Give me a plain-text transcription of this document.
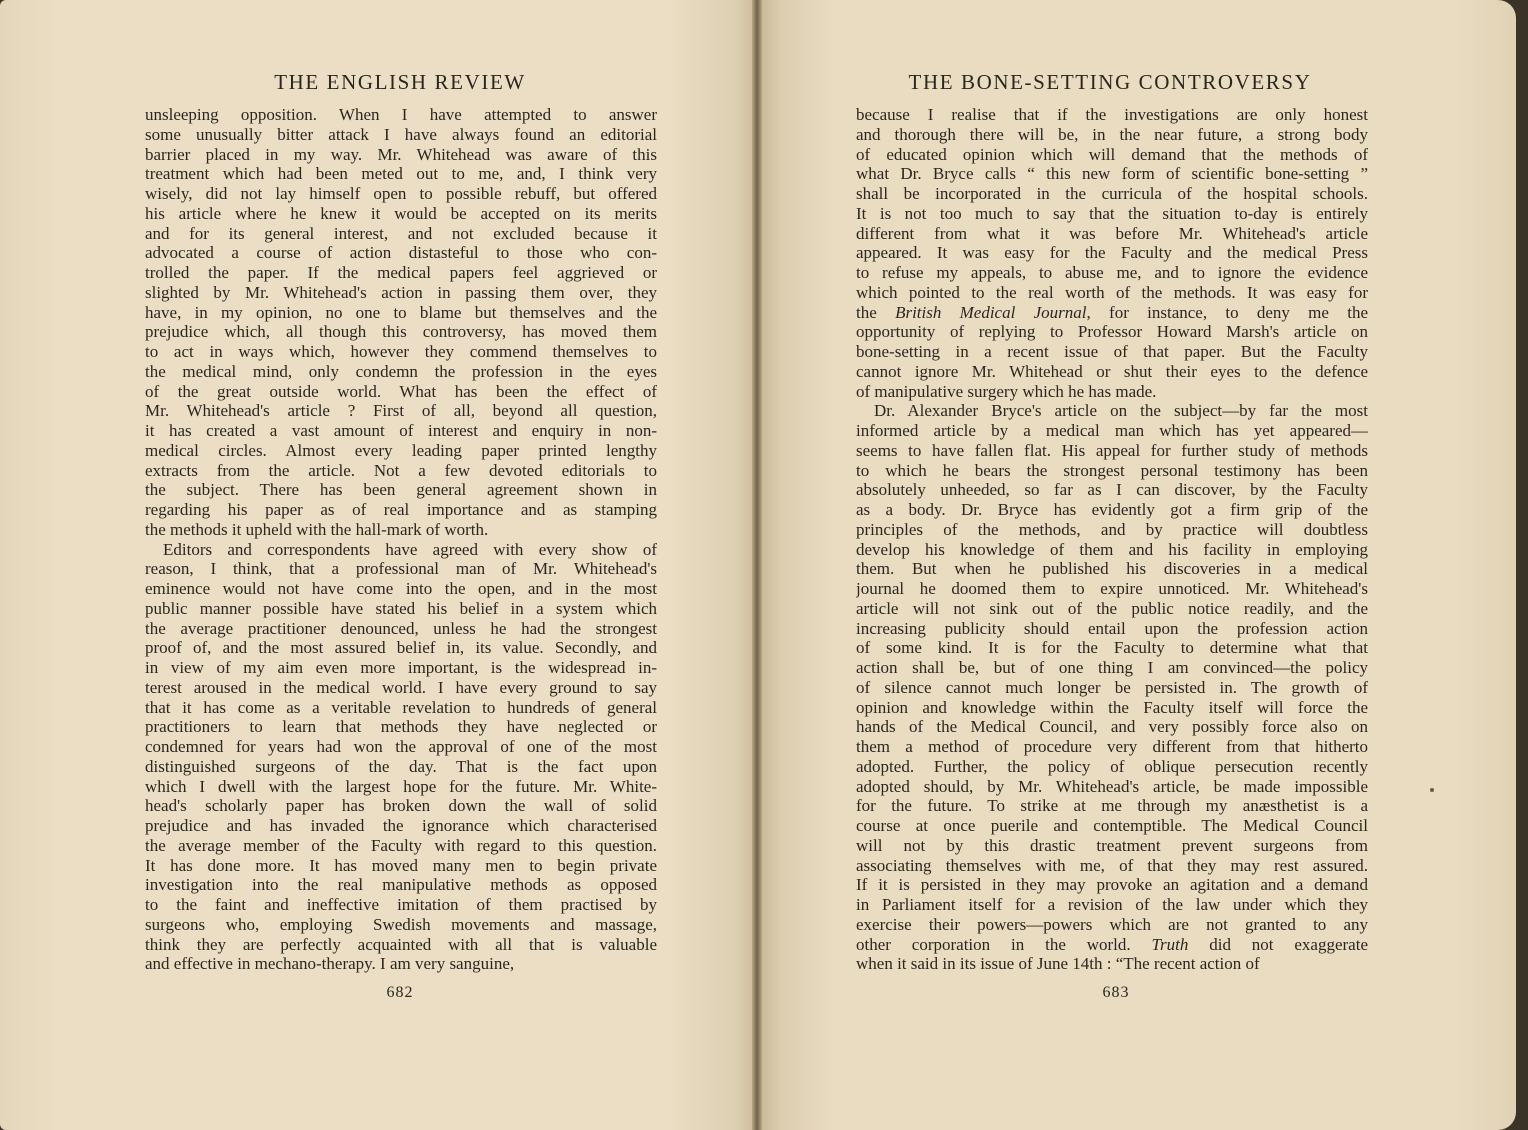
THE ENGLISH REVIEW	THE BONE-SETTING CONTROVERSY
unsleeping opposition. When I have attempted to answer
some unusually bitter attack I have always found an editorial
barrier placed in my way. Mr. Whitehead was aware of this
treatment which had been meted out to me, and, I think very
wisely, did not lay himself open to possible rebuff, but offered
his article where he knew it would be accepted on its merits
and for its general interest, and not excluded because it
advocated a course of action distasteful to those who con-
trolled the paper. If the medical papers feel aggrieved or
slighted by Mr. Whitehead's action in passing them over, they
have, in my opinion, no one to blame but themselves and the
prejudice which, all though this controversy, has moved them
to act in ways which, however they commend themselves to
the medical mind, only condemn the profession in the eyes
of the great outside world. What has been the effect of
Mr. Whitehead's article ? First of all, beyond all question,
it has created a vast amount of interest and enquiry in non-
medical circles. Almost every leading paper printed lengthy
extracts from the article. Not a few devoted editorials to
the subject. There has been general agreement shown in
regarding his paper as of real importance and as stamping
the methods it upheld with the hall-mark of worth.
Editors and correspondents have agreed with every show of
reason, I think, that a professional man of Mr. Whitehead's
eminence would not have come into the open, and in the most
public manner possible have stated his belief in a system which
the average practitioner denounced, unless he had the strongest
proof of, and the most assured belief in, its value. Secondly, and
in view of my aim even more important, is the widespread in-
terest aroused in the medical world. I have every ground to say
that it has come as a veritable revelation to hundreds of general
practitioners to learn that methods they have neglected or
condemned for years had won the approval of one of the most
distinguished surgeons of the day. That is the fact upon
which I dwell with the largest hope for the future. Mr. White-
head's scholarly paper has broken down the wall of solid
prejudice and has invaded the ignorance which characterised
the average member of the Faculty with regard to this question.
It has done more. It has moved many men to begin private
investigation into the real manipulative methods as opposed
to the faint and ineffective imitation of them practised by
surgeons who, employing Swedish movements and massage,
think they are perfectly acquainted with all that is valuable
and effective in mechano-therapy. I am very sanguine,
because I realise that if the investigations are only honest
and thorough there will be, in the near future, a strong body
of educated opinion which will demand that the methods of
what Dr. Bryce calls “ this new form of scientific bone-setting ”
shall be incorporated in the curricula of the hospital schools.
It is not too much to say that the situation to-day is entirely
different from what it was before Mr. Whitehead's article
appeared. It was easy for the Faculty and the medical Press
to refuse my appeals, to abuse me, and to ignore the evidence
which pointed to the real worth of the methods. It was easy for
the British Medical Journal, for instance, to deny me the
opportunity of replying to Professor Howard Marsh's article on
bone-setting in a recent issue of that paper. But the Faculty
cannot ignore Mr. Whitehead or shut their eyes to the defence
of manipulative surgery which he has made.
Dr. Alexander Bryce's article on the subject—by far the most
informed article by a medical man which has yet appeared—
seems to have fallen flat. His appeal for further study of methods
to which he bears the strongest personal testimony has been
absolutely unheeded, so far as I can discover, by the Faculty
as a body. Dr. Bryce has evidently got a firm grip of the
principles of the methods, and by practice will doubtless
develop his knowledge of them and his facility in employing
them. But when he published his discoveries in a medical
journal he doomed them to expire unnoticed. Mr. Whitehead's
article will not sink out of the public notice readily, and the
increasing publicity should entail upon the profession action
of some kind. It is for the Faculty to determine what that
action shall be, but of one thing I am convinced—the policy
of silence cannot much longer be persisted in. The growth of
opinion and knowledge within the Faculty itself will force the
hands of the Medical Council, and very possibly force also on
them a method of procedure very different from that hitherto
adopted. Further, the policy of oblique persecution recently
adopted should, by Mr. Whitehead's article, be made impossible
for the future. To strike at me through my anæsthetist is a
course at once puerile and contemptible. The Medical Council
will not by this drastic treatment prevent surgeons from
associating themselves with me, of that they may rest assured.
If it is persisted in they may provoke an agitation and a demand
in Parliament itself for a revision of the law under which they
exercise their powers—powers which are not granted to any
other corporation in the world. Truth did not exaggerate
when it said in its issue of June 14th : “The recent action of
682	683
